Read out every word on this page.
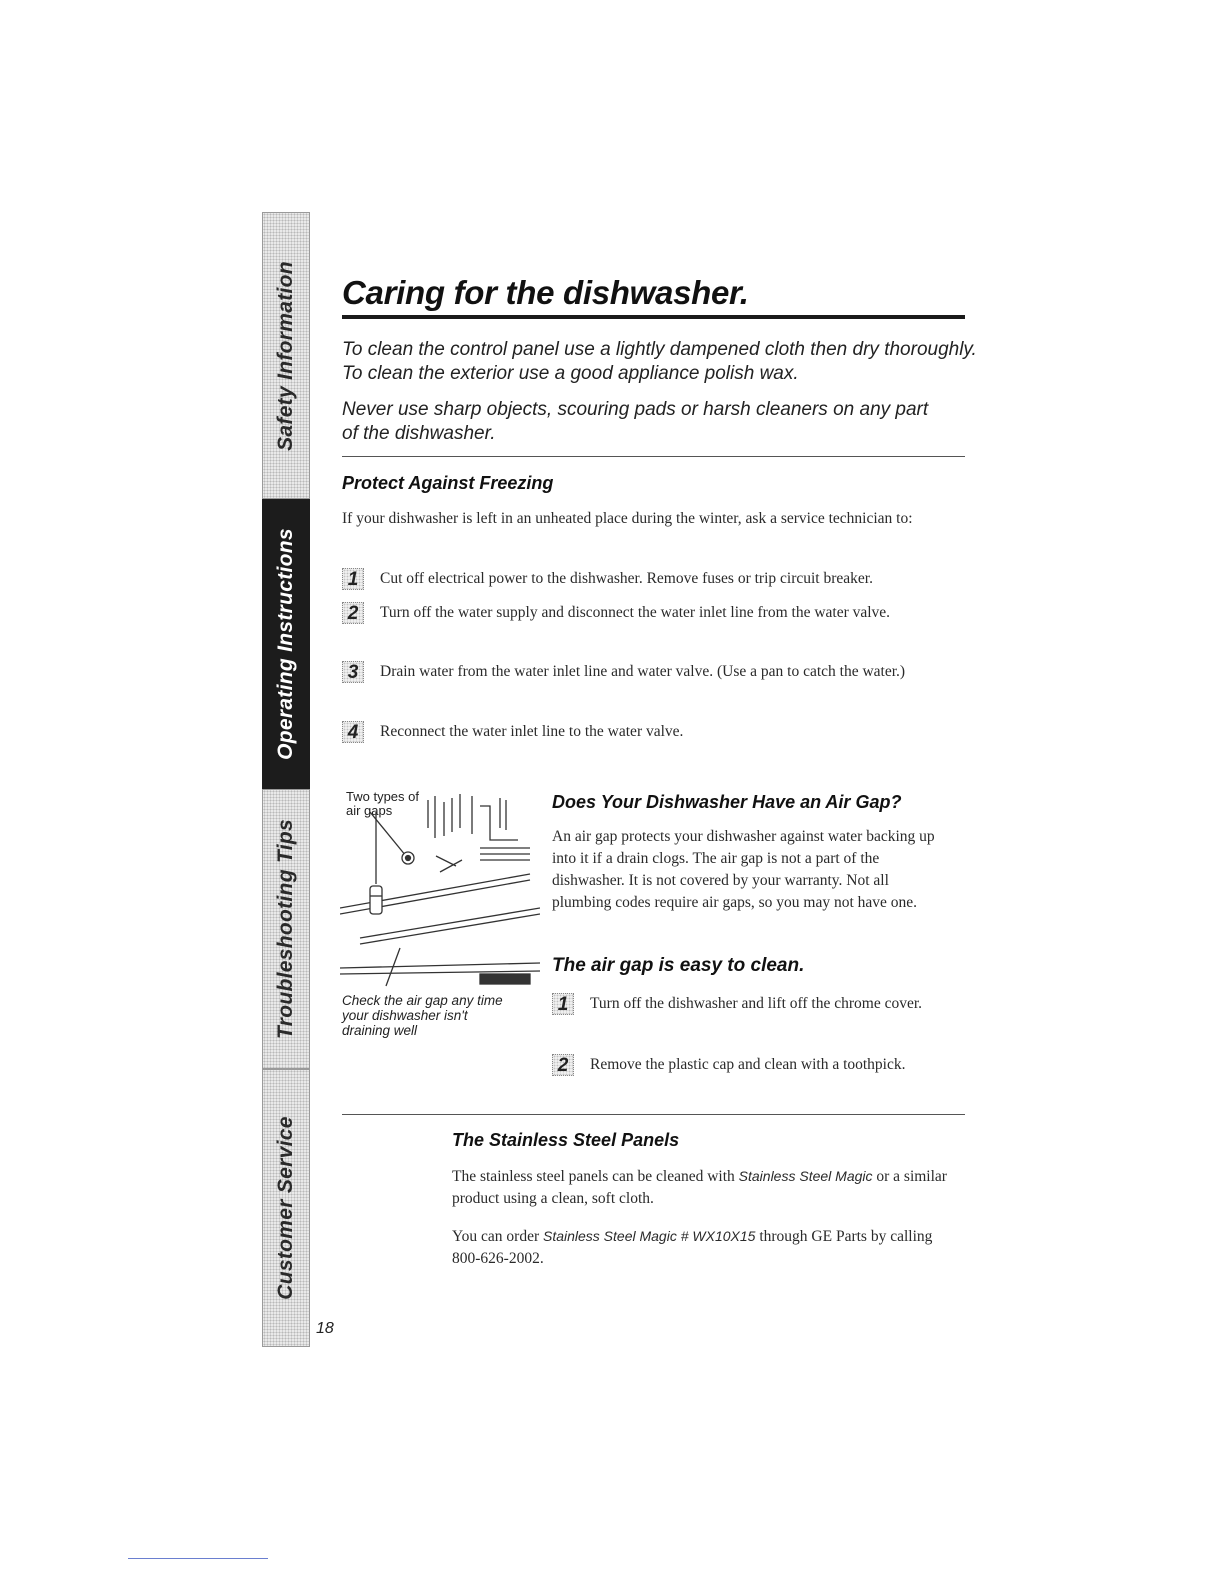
Safety Information
Operating Instructions
Troubleshooting Tips
Customer Service
Caring for the dishwasher.

To clean the control panel use a lightly dampened cloth then dry thoroughly.

To clean the exterior use a good appliance polish wax.

Never use sharp objects, scouring pads or harsh cleaners on any part of the dishwasher.

Protect Against Freezing

If your dishwasher is left in an unheated place during the winter, ask a service technician to:

1	Cut off electrical power to the dishwasher. Remove fuses or trip circuit breaker.

2	Turn off the water supply and disconnect the water inlet line from the water valve.

3	Drain water from the water inlet line and water valve. (Use a pan to catch the water.)

4	Reconnect the water inlet line to the water valve.

Two types of air gaps

Check the air gap any time your dishwasher isn't draining well

Does Your Dishwasher Have an Air Gap?

An air gap protects your dishwasher against water backing up into it if a drain clogs. The air gap is not a part of the dishwasher. It is not covered by your warranty. Not all plumbing codes require air gaps, so you may not have one.

The air gap is easy to clean.
1	Turn off the dishwasher and lift off the chrome cover.

2	Remove the plastic cap and clean with a toothpick.

The Stainless Steel Panels

The stainless steel panels can be cleaned with Stainless Steel Magic or a similar product using a clean, soft cloth.

You can order Stainless Steel Magic # WX10X15 through GE Parts by calling 800-626-2002.

18
